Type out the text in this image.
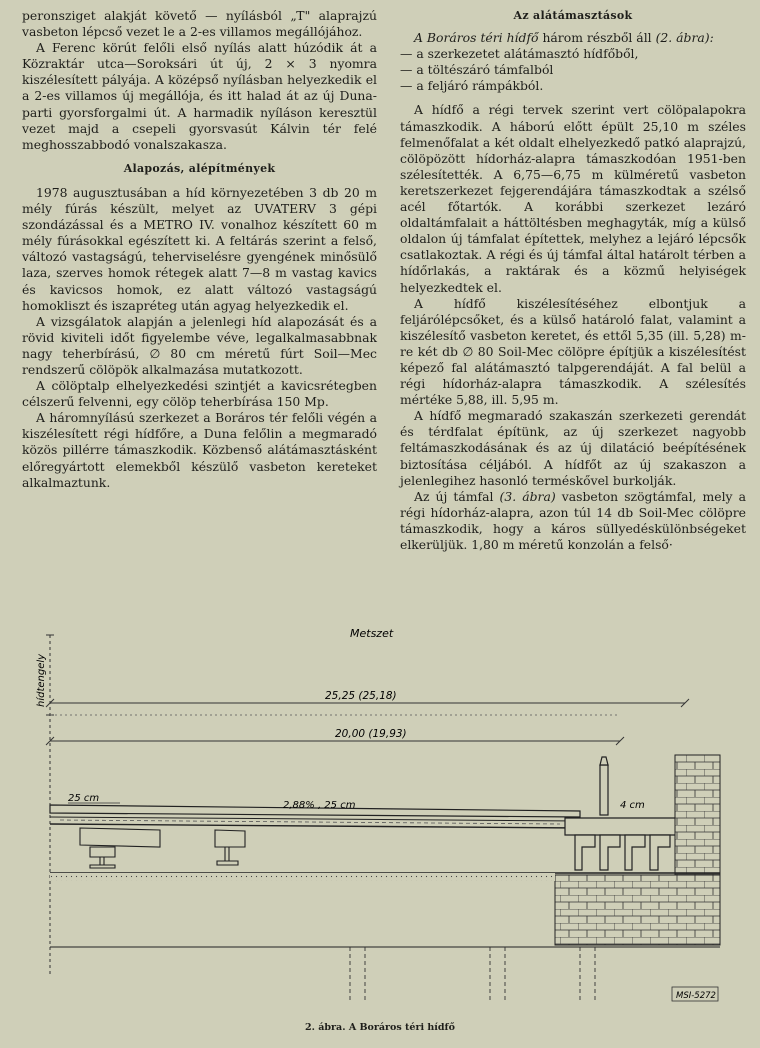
peronsziget alakját követő — nyílásból „T" alaprajzú vasbeton lépcső vezet le a 2-es villamos megállójához.

A Ferenc körút felőli első nyílás alatt húzódik át a Közraktár utca—Soroksári út új, 2 × 3 nyomra kiszélesített pályája. A középső nyílásban helyezkedik el a 2-es villamos új megállója, és itt halad át az új Duna-parti gyorsforgalmi út. A harmadik nyíláson keresztül vezet majd a csepeli gyorsvasút Kálvin tér felé meghosszabbodó vonalszakasza.

Alapozás, alépítmények

1978 augusztusában a híd környezetében 3 db 20 m mély fúrás készült, melyet az UVATERV 3 gépi szondázással és a METRO IV. vonalhoz készített 60 m mély fúrásokkal egészített ki. A feltárás szerint a felső, változó vastagságú, teherviselésre gyengének minősülő laza, szerves homok rétegek alatt 7—8 m vastag kavics és kavicsos homok, ez alatt változó vastagságú homokliszt és iszapréteg után agyag helyezkedik el.

A vizsgálatok alapján a jelenlegi híd alapozását és a rövid kiviteli időt figyelembe véve, legalkalmasabbnak nagy teherbírású, ∅ 80 cm méretű fúrt Soil—Mec rendszerű cölöpök alkalmazása mutatkozott.

A cölöptalp elhelyezkedési szintjét a kavicsrétegben célszerű felvenni, egy cölöp teherbírása 150 Mp.

A háromnyílású szerkezet a Boráros tér felőli végén a kiszélesített régi hídfőre, a Duna felőlin a megmaradó közös pillérre támaszkodik. Közbenső alátámasztásként előregyártott elemekből készülő vasbeton kereteket alkalmaztunk.

Az alátámasztások

A Boráros téri hídfő három részből áll (2. ábra):

— a szerkezetet alátámasztó hídfőből,

— a töltészáró támfalból

— a feljáró rámpákból.

A hídfő a régi tervek szerint vert cölöpalapokra támaszkodik. A háború előtt épült 25,10 m széles felmenőfalat a két oldalt elhelyezkedő patkó alaprajzú, cölöpözött hídorház-alapra támaszkodóan 1951-ben szélesítették. A 6,75—6,75 m külméretű vasbeton keretszerkezet fejgerendájára támaszkodtak a szélső acél főtartók. A korábbi szerkezet lezáró oldaltámfalait a háttöltésben meghagyták, míg a külső oldalon új támfalat építettek, melyhez a lejáró lépcsők csatlakoztak. A régi és új támfal által határolt térben a hídőrlakás, a raktárak és a közmű helyiségek helyezkedtek el.

A hídfő kiszélesítéséhez elbontjuk a feljárólépcsőket, és a külső határoló falat, valamint a kiszélesítő vasbeton keretet, és ettől 5,35 (ill. 5,28) m-re két db ∅ 80 Soil-Mec cölöpre építjük a kiszélesítést képező fal alátámasztó talpgerendáját. A fal belül a régi hídorház-alapra támaszkodik. A szélesítés mértéke 5,88, ill. 5,95 m.

A hídfő megmaradó szakaszán szerkezeti gerendát és térdfalat építünk, az új szerkezet nagyobb feltámaszkodásának és az új dilatáció beépítésének biztosítása céljából. A hídfőt az új szakaszon a jelenlegihez hasonló terméskővel burkolják.

Az új támfal (3. ábra) vasbeton szögtámfal, mely a régi hídorház-alapra, azon túl 14 db Soil-Mec cölöpre támaszkodik, hogy a káros süllyedéskülönbségeket elkerüljük. 1,80 m méretű konzolán a felső·

Metszet
hídtengely	25,25 (25,18)
20,00 (19,93)
25 cm
2,88% , 25 cm	4 cm
MSI-5272
2. ábra. A Boráros téri hídfő
